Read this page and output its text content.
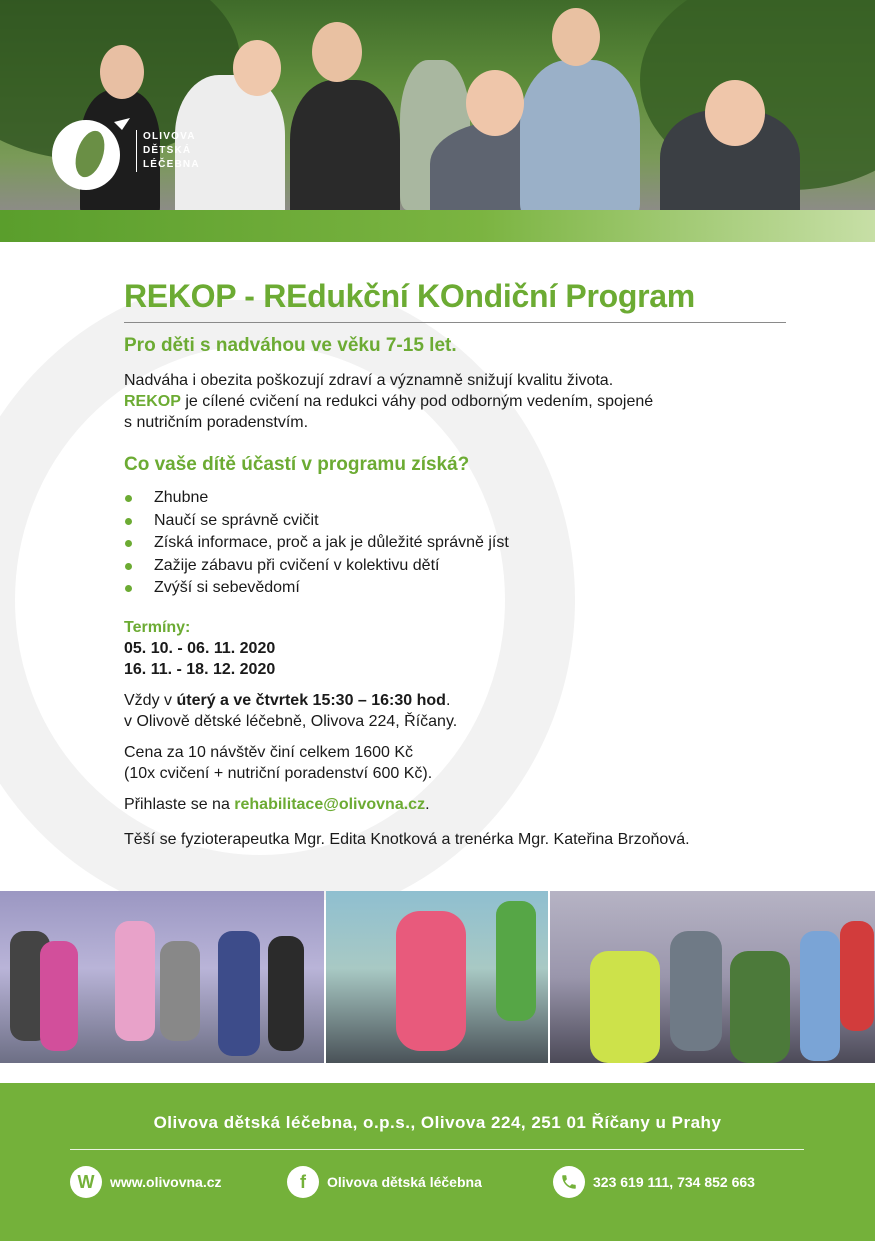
OLIVOVA
DĚTSKÁ
LÉČEBNA
REKOP - REdukční KOndiční Program
Pro děti s nadváhou ve věku 7-15 let.
Nadváha i obezita poškozují zdraví a významně snižují kvalitu života.
REKOP je cílené cvičení na redukci váhy pod odborným vedením, spojené
s nutričním poradenstvím.
Co vaše dítě účastí v programu získá?
Zhubne
Naučí se správně cvičit
Získá informace, proč a jak je důležité správně jíst
Zažije zábavu při cvičení v kolektivu dětí
Zvýší si sebevědomí
Termíny:
05. 10. - 06. 11. 2020
16. 11. - 18. 12. 2020
Vždy v úterý a ve čtvrtek 15:30 – 16:30 hod.
v Olivově dětské léčebně, Olivova 224, Říčany.
Cena za 10 návštěv činí celkem 1600 Kč
(10x cvičení + nutriční poradenství 600 Kč).
Přihlaste se na rehabilitace@olivovna.cz.
Těší se fyzioterapeutka Mgr. Edita Knotková a trenérka Mgr. Kateřina Brzoňová.
Olivova dětská léčebna, o.p.s., Olivova 224, 251 01 Říčany u Prahy
W	www.olivovna.cz	f	Olivova dětská léčebna	323 619 111, 734 852 663
